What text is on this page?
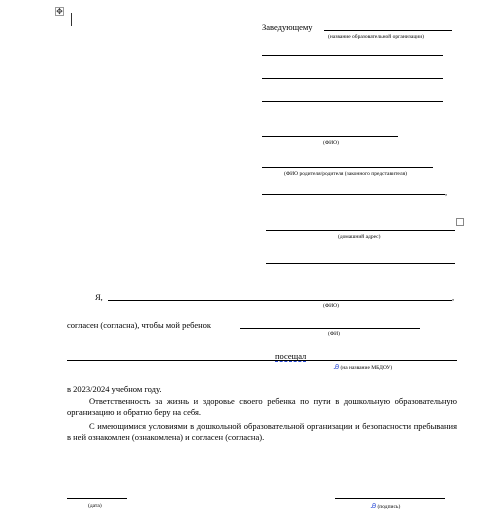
✥
Заведующему
(название образовательной организации)
(ФИО)
(ФИО родителя/родителя (законного представителя)
,
(домашний адрес)
Я,	,
(ФИО)
согласен (согласна), чтобы мой ребенок
(ФИ)
посещал
Ꭿ (на название МБДОУ)
в 2023/2024 учебном году.
Ответственность за жизнь и здоровье своего ребенка по пути в дошкольную образовательную организацию и обратно беру на себя.
С имеющимися условиями в дошкольной образовательной организации и безопасности пребывания в ней ознакомлен (ознакомлена) и согласен (согласна).
(дата)	Ꭿ (подпись)
